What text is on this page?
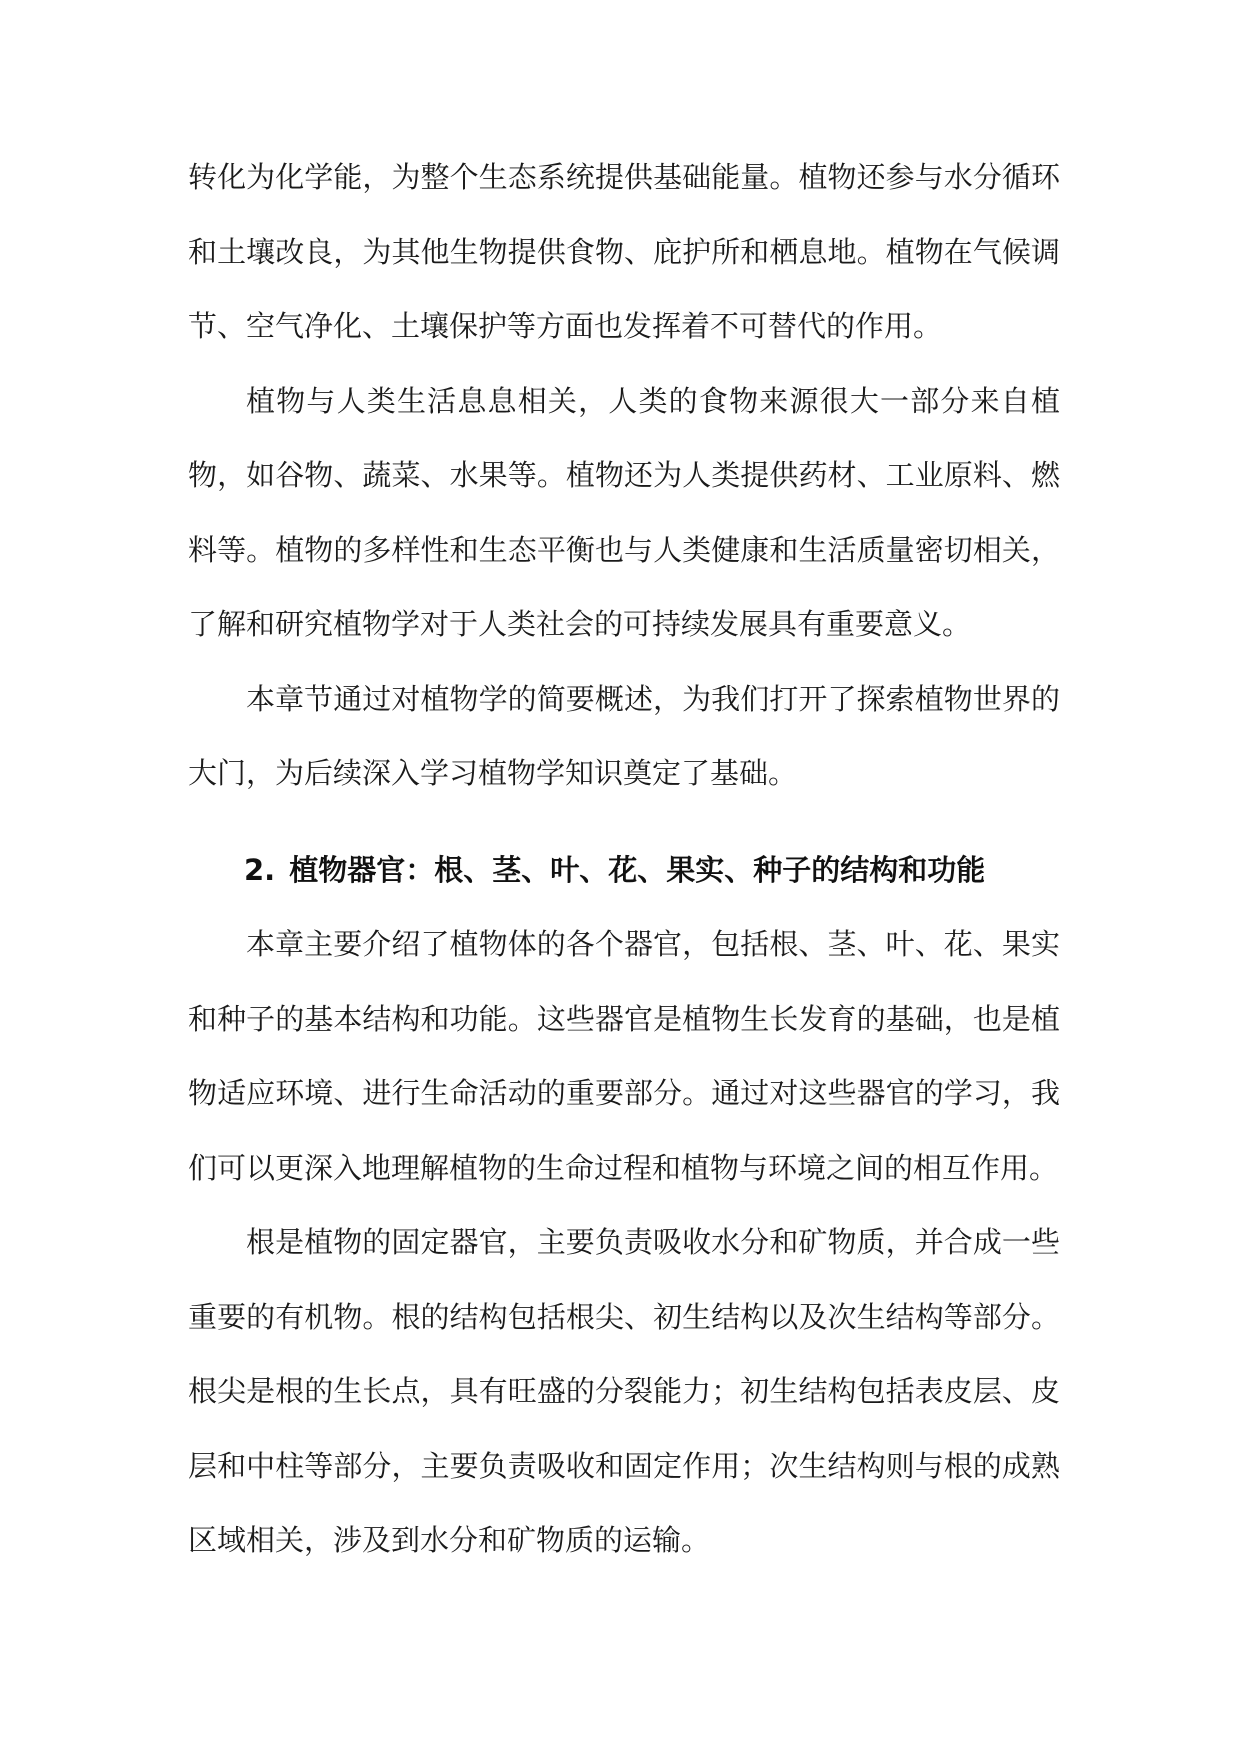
转化为化学能，为整个生态系统提供基础能量。植物还参与水分循环和土壤改良，为其他生物提供食物、庇护所和栖息地。植物在气候调节、空气净化、土壤保护等方面也发挥着不可替代的作用。

植物与人类生活息息相关，人类的食物来源很大一部分来自植物，如谷物、蔬菜、水果等。植物还为人类提供药材、工业原料、燃料等。植物的多样性和生态平衡也与人类健康和生活质量密切相关，了解和研究植物学对于人类社会的可持续发展具有重要意义。

本章节通过对植物学的简要概述，为我们打开了探索植物世界的大门，为后续深入学习植物学知识奠定了基础。

2. 植物器官：根、茎、叶、花、果实、种子的结构和功能

本章主要介绍了植物体的各个器官，包括根、茎、叶、花、果实和种子的基本结构和功能。这些器官是植物生长发育的基础，也是植物适应环境、进行生命活动的重要部分。通过对这些器官的学习，我们可以更深入地理解植物的生命过程和植物与环境之间的相互作用。

根是植物的固定器官，主要负责吸收水分和矿物质，并合成一些重要的有机物。根的结构包括根尖、初生结构以及次生结构等部分。根尖是根的生长点，具有旺盛的分裂能力；初生结构包括表皮层、皮层和中柱等部分，主要负责吸收和固定作用；次生结构则与根的成熟区域相关，涉及到水分和矿物质的运输。
